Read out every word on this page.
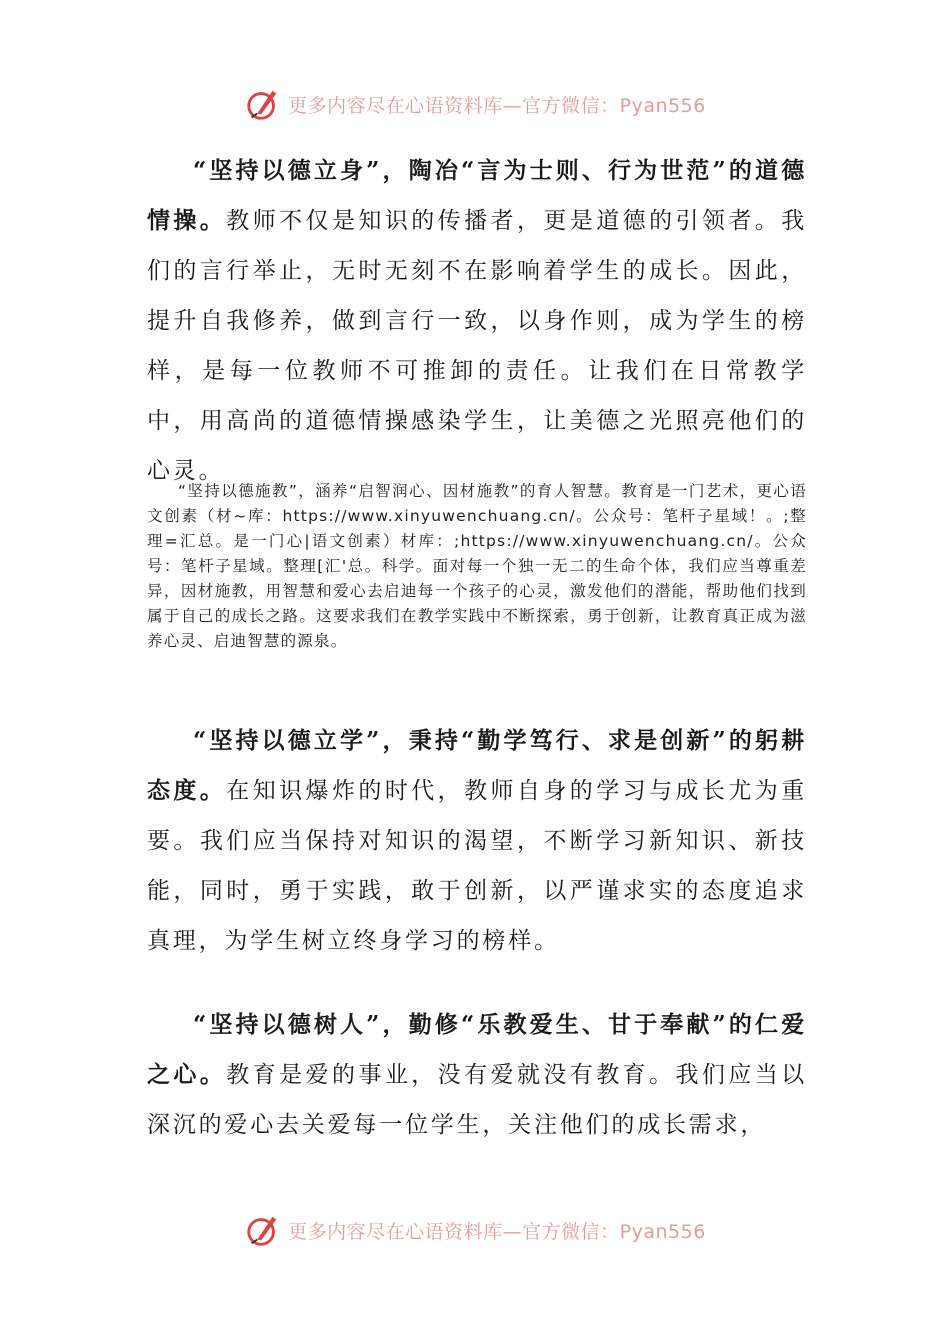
更多内容尽在心语资料库—官方微信：Pyan556

“坚持以德立身”，陶冶“言为士则、行为世范”的道德情操。教师不仅是知识的传播者，更是道德的引领者。我们的言行举止，无时无刻不在影响着学生的成长。因此，提升自我修养，做到言行一致，以身作则，成为学生的榜样，是每一位教师不可推卸的责任。让我们在日常教学中，用高尚的道德情操感染学生，让美德之光照亮他们的心灵。

“坚持以德施教”，涵养“启智润心、因材施教”的育人智慧。教育是一门艺术，更心语文创素（材~库：https://www.xinyuwenchuang.cn/。公众号：笔杆子星域！。;整理=汇总。是一门心|语文创素）材库：;https://www.xinyuwenchuang.cn/。公众号：笔杆子星域。整理[汇'总。科学。面对每一个独一无二的生命个体，我们应当尊重差异，因材施教，用智慧和爱心去启迪每一个孩子的心灵，激发他们的潜能，帮助他们找到属于自己的成长之路。这要求我们在教学实践中不断探索，勇于创新，让教育真正成为滋养心灵、启迪智慧的源泉。

“坚持以德立学”，秉持“勤学笃行、求是创新”的躬耕态度。在知识爆炸的时代，教师自身的学习与成长尤为重要。我们应当保持对知识的渴望，不断学习新知识、新技能，同时，勇于实践，敢于创新，以严谨求实的态度追求真理，为学生树立终身学习的榜样。

“坚持以德树人”，勤修“乐教爱生、甘于奉献”的仁爱之心。教育是爱的事业，没有爱就没有教育。我们应当以深沉的爱心去关爱每一位学生，关注他们的成长需求，

更多内容尽在心语资料库—官方微信：Pyan556
